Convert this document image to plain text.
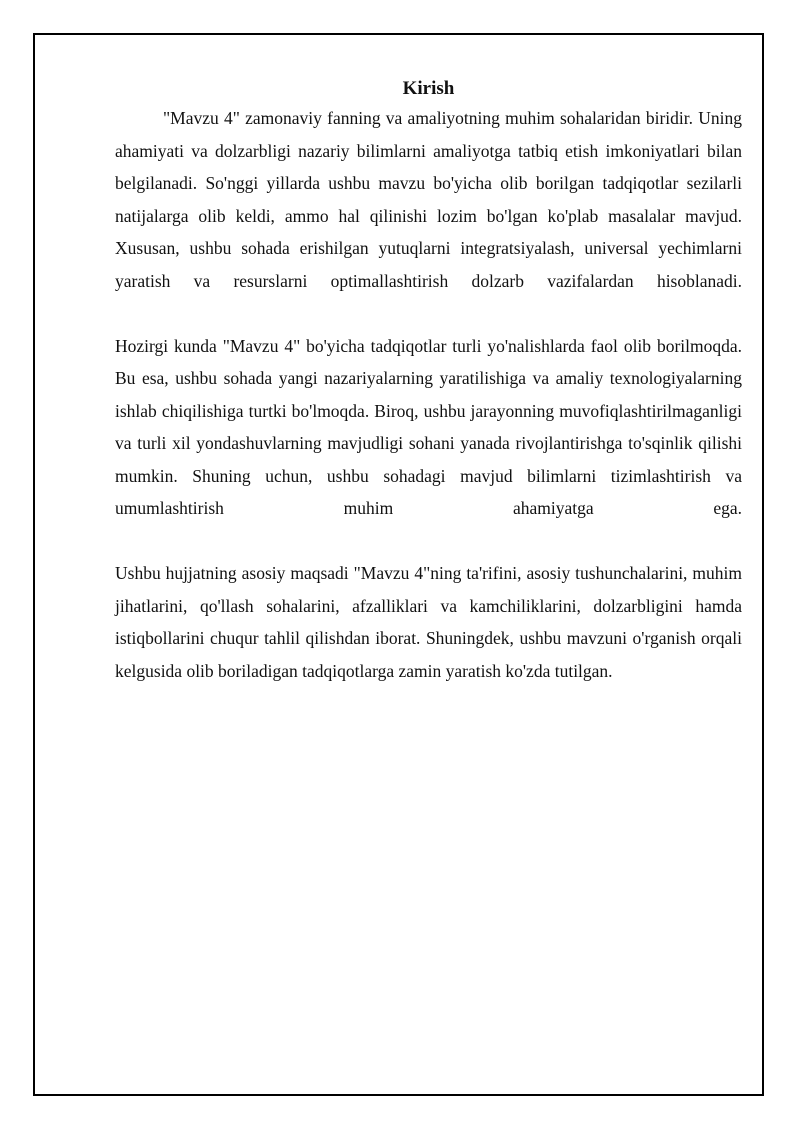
Kirish

"Mavzu 4" zamonaviy fanning va amaliyotning muhim sohalaridan biridir. Uning ahamiyati va dolzarbligi nazariy bilimlarni amaliyotga tatbiq etish imkoniyatlari bilan belgilanadi. So'nggi yillarda ushbu mavzu bo'yicha olib borilgan tadqiqotlar sezilarli natijalarga olib keldi, ammo hal qilinishi lozim bo'lgan ko'plab masalalar mavjud. Xususan, ushbu sohada erishilgan yutuqlarni integratsiyalash, universal yechimlarni yaratish va resurslarni optimallashtirish dolzarb vazifalardan hisoblanadi.

Hozirgi kunda "Mavzu 4" bo'yicha tadqiqotlar turli yo'nalishlarda faol olib borilmoqda. Bu esa, ushbu sohada yangi nazariyalarning yaratilishiga va amaliy texnologiyalarning ishlab chiqilishiga turtki bo'lmoqda. Biroq, ushbu jarayonning muvofiqlashtirilmaganligi va turli xil yondashuvlarning mavjudligi sohani yanada rivojlantirishga to'sqinlik qilishi mumkin. Shuning uchun, ushbu sohadagi mavjud bilimlarni tizimlashtirish va umumlashtirish muhim ahamiyatga ega.

Ushbu hujjatning asosiy maqsadi "Mavzu 4"ning ta'rifini, asosiy tushunchalarini, muhim jihatlarini, qo'llash sohalarini, afzalliklari va kamchiliklarini, dolzarbligini hamda istiqbollarini chuqur tahlil qilishdan iborat. Shuningdek, ushbu mavzuni o'rganish orqali kelgusida olib boriladigan tadqiqotlarga zamin yaratish ko'zda tutilgan.
